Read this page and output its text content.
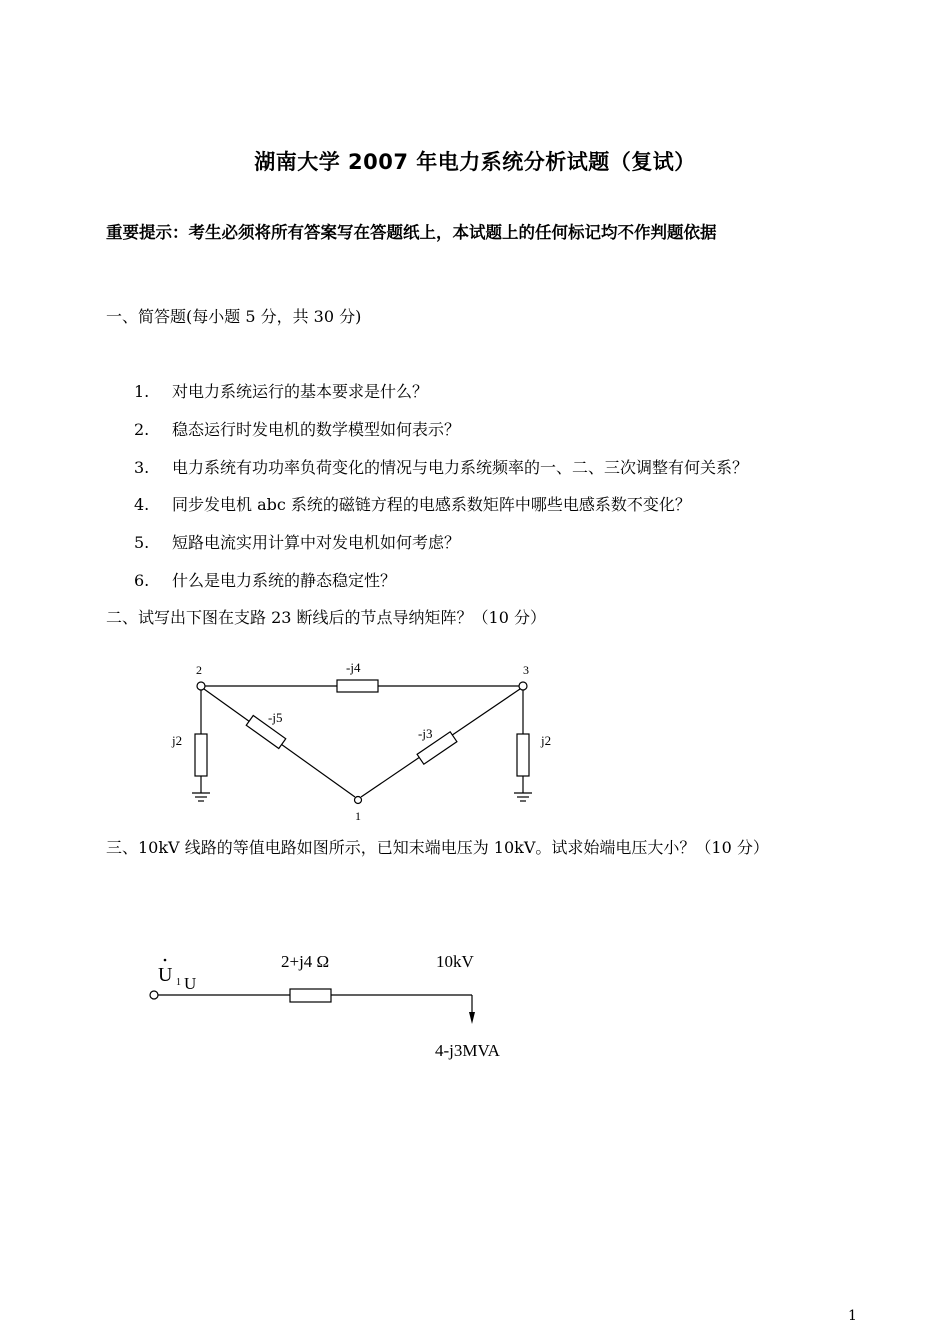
湖南大学 2007 年电力系统分析试题（复试）
重要提示：考生必须将所有答案写在答题纸上，本试题上的任何标记均不作判题依据
一、简答题(每小题 5 分，共 30 分)
1. 对电力系统运行的基本要求是什么？
2. 稳态运行时发电机的数学模型如何表示？
3. 电力系统有功功率负荷变化的情况与电力系统频率的一、二、三次调整有何关系？
4. 同步发电机 abc 系统的磁链方程的电感系数矩阵中哪些电感系数不变化？
5. 短路电流实用计算中对发电机如何考虑？
6. 什么是电力系统的静态稳定性？
二、试写出下图在支路 23 断线后的节点导纳矩阵？（10 分）
2	3
1
-j4
-j5
-j3
j2	j2
U 1 U
2+j4 Ω	10kV
4-j3MVA
三、10kV 线路的等值电路如图所示，已知末端电压为 10kV。试求始端电压大小？（10 分）
1
